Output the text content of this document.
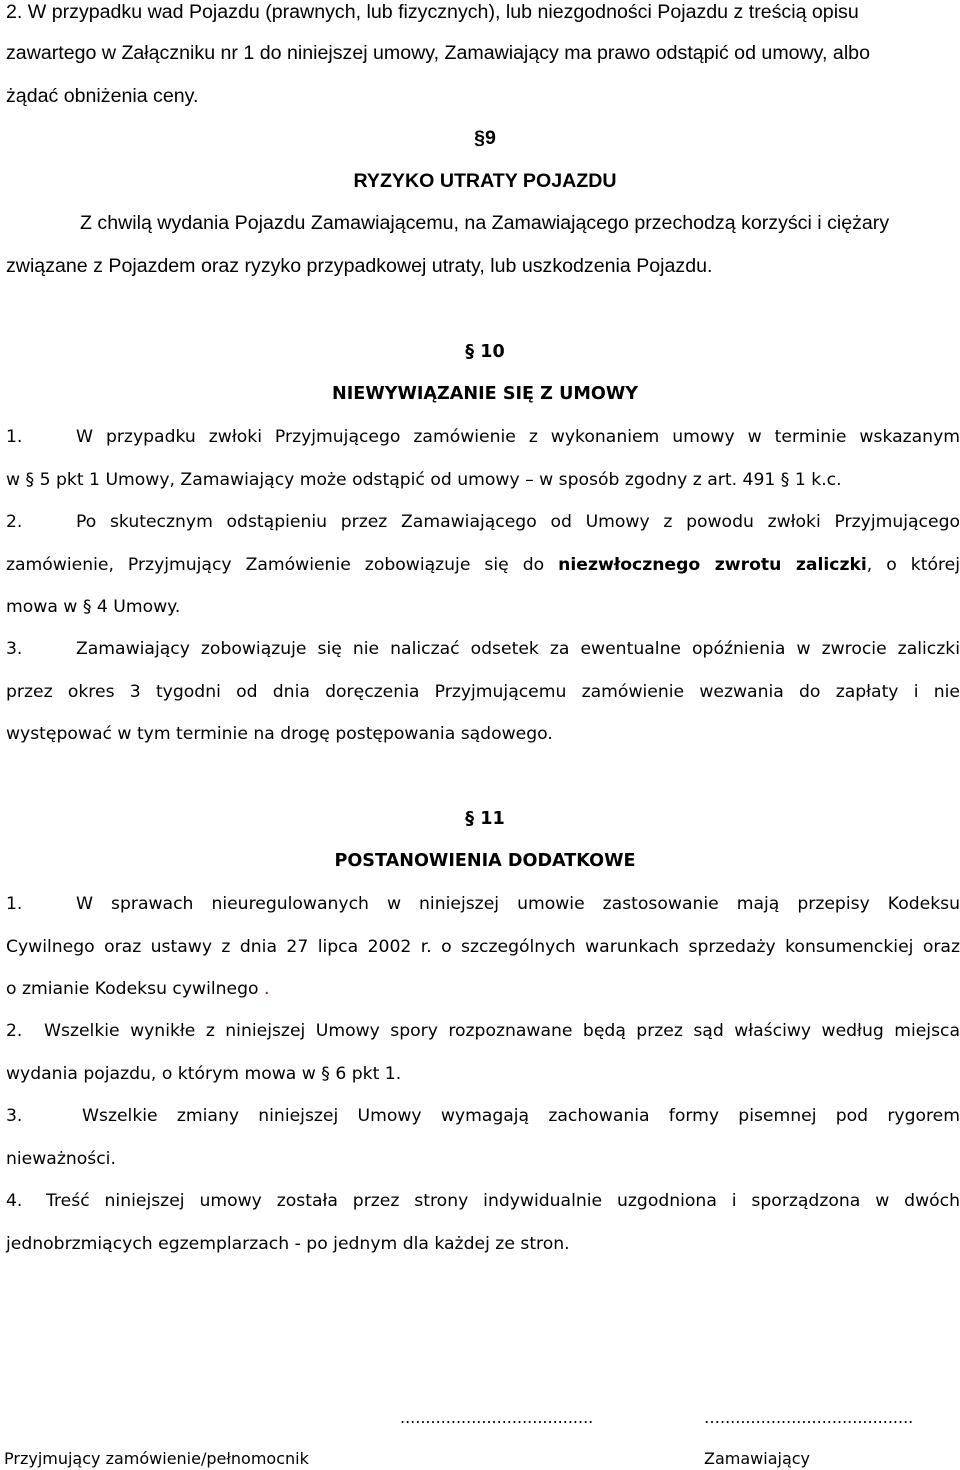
2. W przypadku wad Pojazdu (prawnych, lub fizycznych), lub niezgodności Pojazdu z treścią opisu
zawartego w Załączniku nr 1 do niniejszej umowy, Zamawiający ma prawo odstąpić od umowy, albo
żądać obniżenia ceny.
§9
RYZYKO UTRATY POJAZDU
Z chwilą wydania Pojazdu Zamawiającemu, na Zamawiającego przechodzą korzyści i ciężary
związane z Pojazdem oraz ryzyko przypadkowej utraty, lub uszkodzenia Pojazdu.
§ 10
NIEWYWIĄZANIE SIĘ Z UMOWY
1.	W przypadku zwłoki Przyjmującego zamówienie z wykonaniem umowy w terminie wskazanym
w § 5 pkt 1 Umowy, Zamawiający może odstąpić od umowy – w sposób zgodny z art. 491 § 1 k.c.
2.	Po skutecznym odstąpieniu przez Zamawiającego od Umowy z powodu zwłoki Przyjmującego
zamówienie, Przyjmujący Zamówienie zobowiązuje się do niezwłocznego zwrotu zaliczki, o której
mowa w § 4 Umowy.
3.	Zamawiający zobowiązuje się nie naliczać odsetek za ewentualne opóźnienia w zwrocie zaliczki
przez okres 3 tygodni od dnia doręczenia Przyjmującemu zamówienie wezwania do zapłaty i nie
występować w tym terminie na drogę postępowania sądowego.
§ 11
POSTANOWIENIA DODATKOWE
1.	W sprawach nieuregulowanych w niniejszej umowie zastosowanie mają przepisy Kodeksu
Cywilnego oraz ustawy z dnia 27 lipca 2002 r. o szczególnych warunkach sprzedaży konsumenckiej oraz
o zmianie Kodeksu cywilnego .
2. Wszelkie wynikłe z niniejszej Umowy spory rozpoznawane będą przez sąd właściwy według miejsca
wydania pojazdu, o którym mowa w § 6 pkt 1.
3.	Wszelkie zmiany niniejszej Umowy wymagają zachowania formy pisemnej pod rygorem
nieważności.
4. Treść niniejszej umowy została przez strony indywidualnie uzgodniona i sporządzona w dwóch
jednobrzmiących egzemplarzach - po jednym dla każdej ze stron.
......................................
Przyjmujący zamówienie/pełnomocnik
…......................................
Zamawiający
